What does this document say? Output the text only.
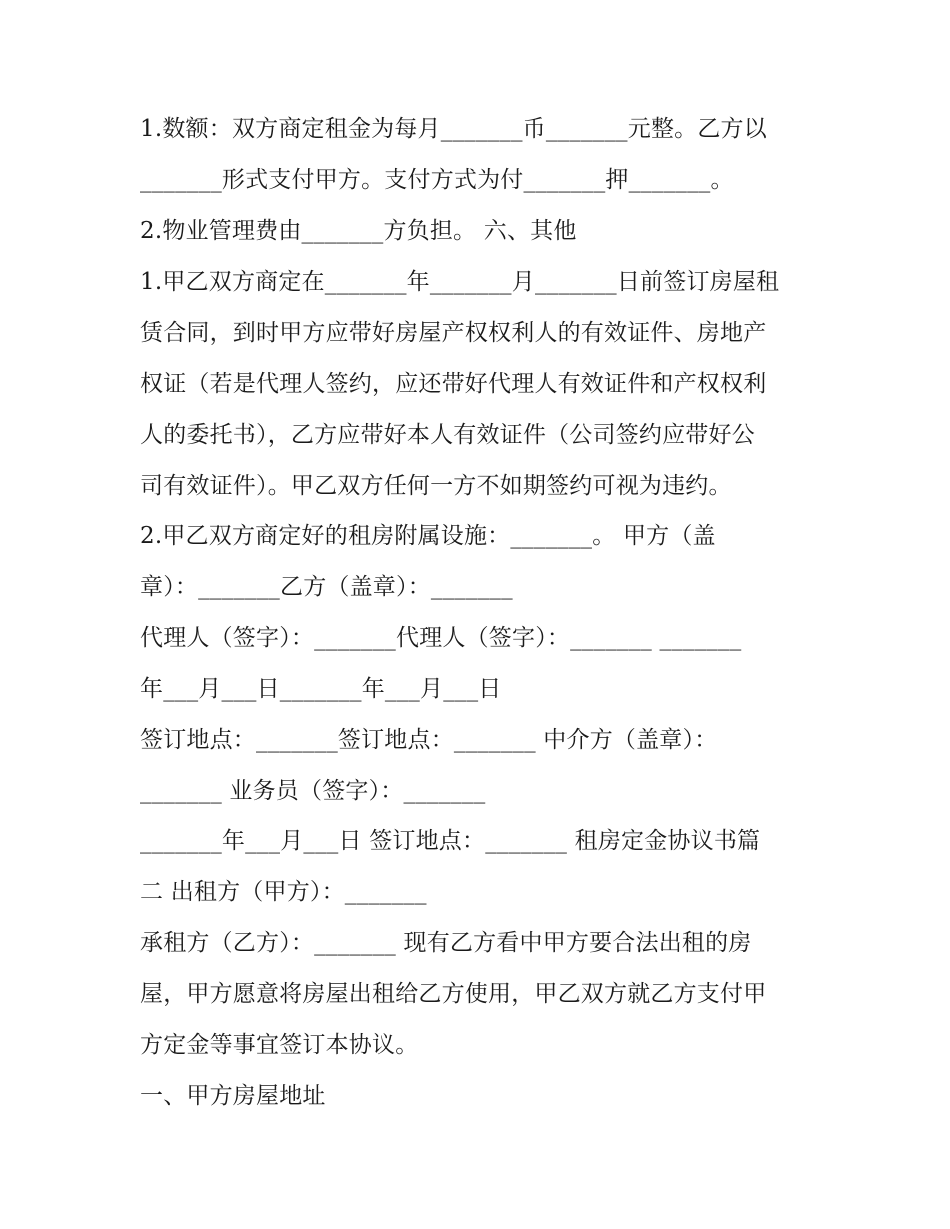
1.数额：双方商定租金为每月_______币_______元整。乙方以

_______形式支付甲方。支付方式为付_______押_______。

2.物业管理费由_______方负担。 六、其他

1.甲乙双方商定在_______年_______月_______日前签订房屋租

赁合同，到时甲方应带好房屋产权权利人的有效证件、房地产

权证（若是代理人签约，应还带好代理人有效证件和产权权利

人的委托书），乙方应带好本人有效证件（公司签约应带好公

司有效证件）。甲乙双方任何一方不如期签约可视为违约。

2.甲乙双方商定好的租房附属设施：_______。 甲方（盖

章）：_______乙方（盖章）：_______

代理人（签字）：_______代理人（签字）：_______ _______

年___月___日_______年___月___日

签订地点：_______签订地点：_______ 中介方（盖章）：

_______ 业务员（签字）：_______

_______年___月___日 签订地点：_______ 租房定金协议书篇

二 出租方（甲方）：_______

承租方（乙方）：_______ 现有乙方看中甲方要合法出租的房

屋，甲方愿意将房屋出租给乙方使用，甲乙双方就乙方支付甲

方定金等事宜签订本协议。

一、甲方房屋地址
